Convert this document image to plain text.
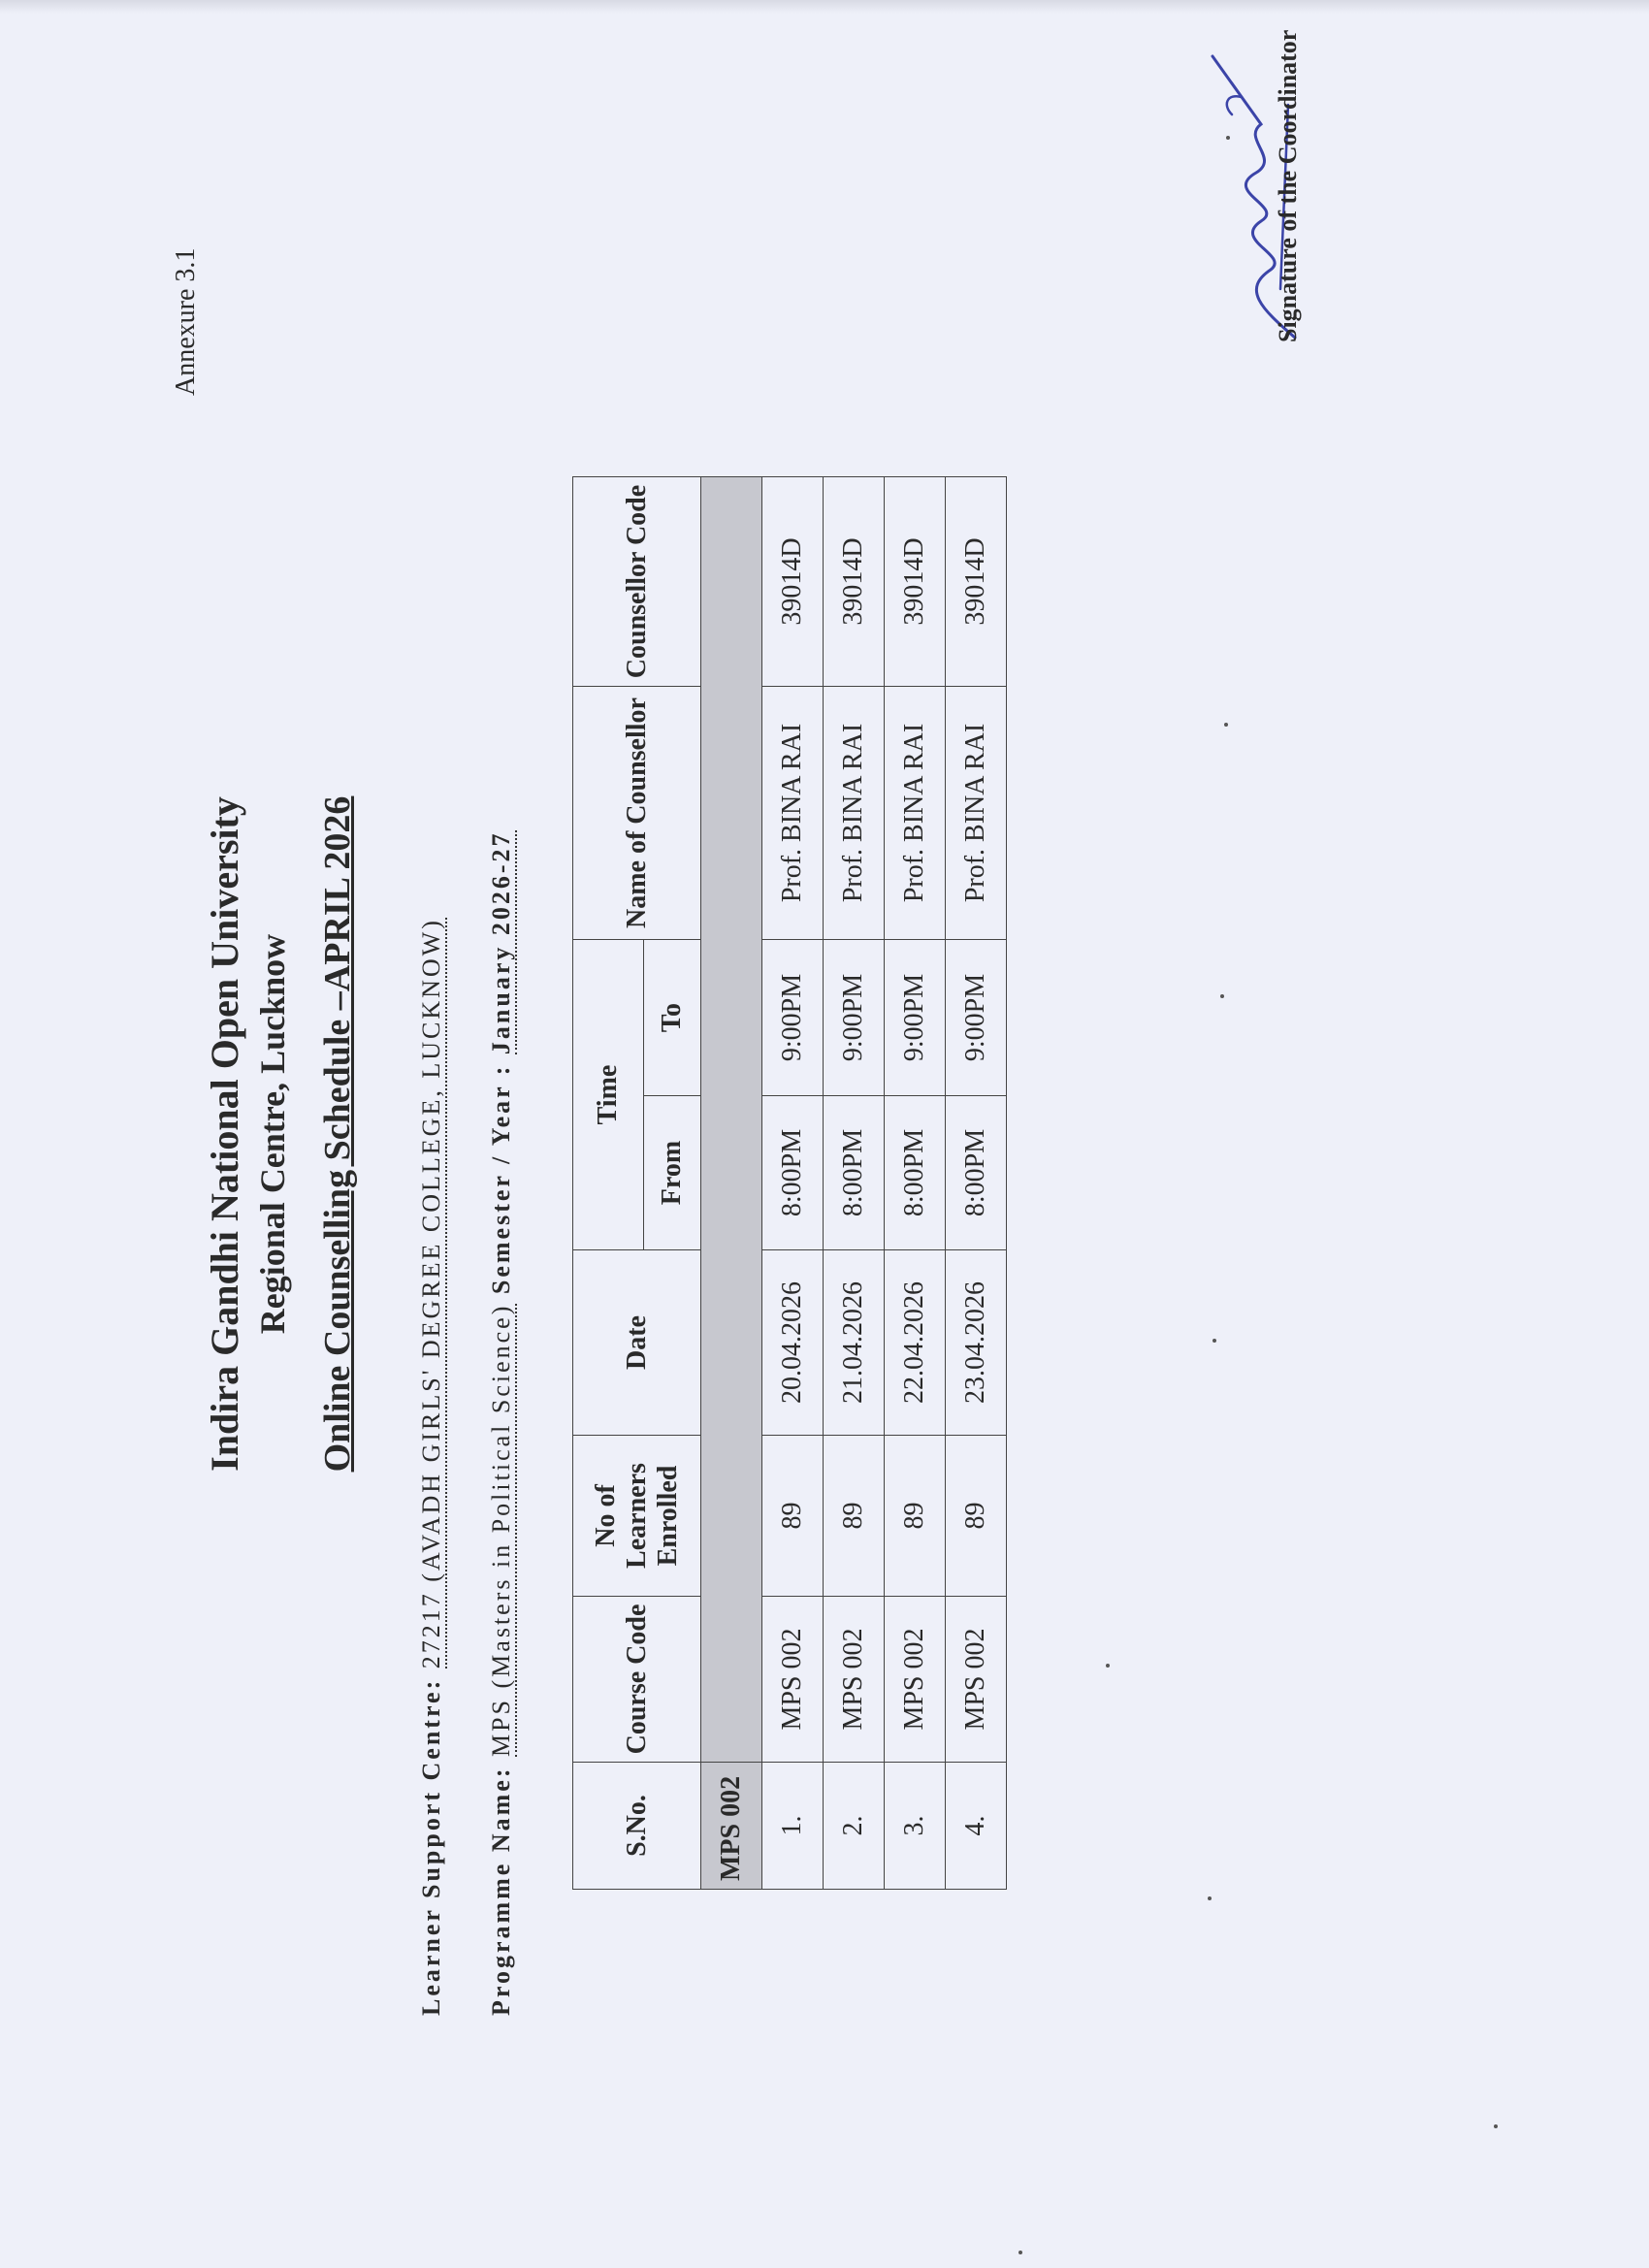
Annexure 3.1
Indira Gandhi National Open University Regional Centre, Lucknow Online Counselling Schedule –APRIL 2026
Learner Support Centre: 27217 (AVADH GIRLS' DEGREE COLLEGE, LUCKNOW)
Programme Name: MPS (Masters in Political Science) Semester / Year : January 2026-27
S.No.	Course Code	No of Learners Enrolled	Date	Time		Name of Counsellor	Counsellor Code
				From	To		
MPS 002							
1.	MPS 002	89	20.04.2026	8:00PM	9:00PM	Prof. BINA RAI	39014D
2.	MPS 002	89	21.04.2026	8:00PM	9:00PM	Prof. BINA RAI	39014D
3.	MPS 002	89	22.04.2026	8:00PM	9:00PM	Prof. BINA RAI	39014D
4.	MPS 002	89	23.04.2026	8:00PM	9:00PM	Prof. BINA RAI	39014D
Signature of the Coordinator
